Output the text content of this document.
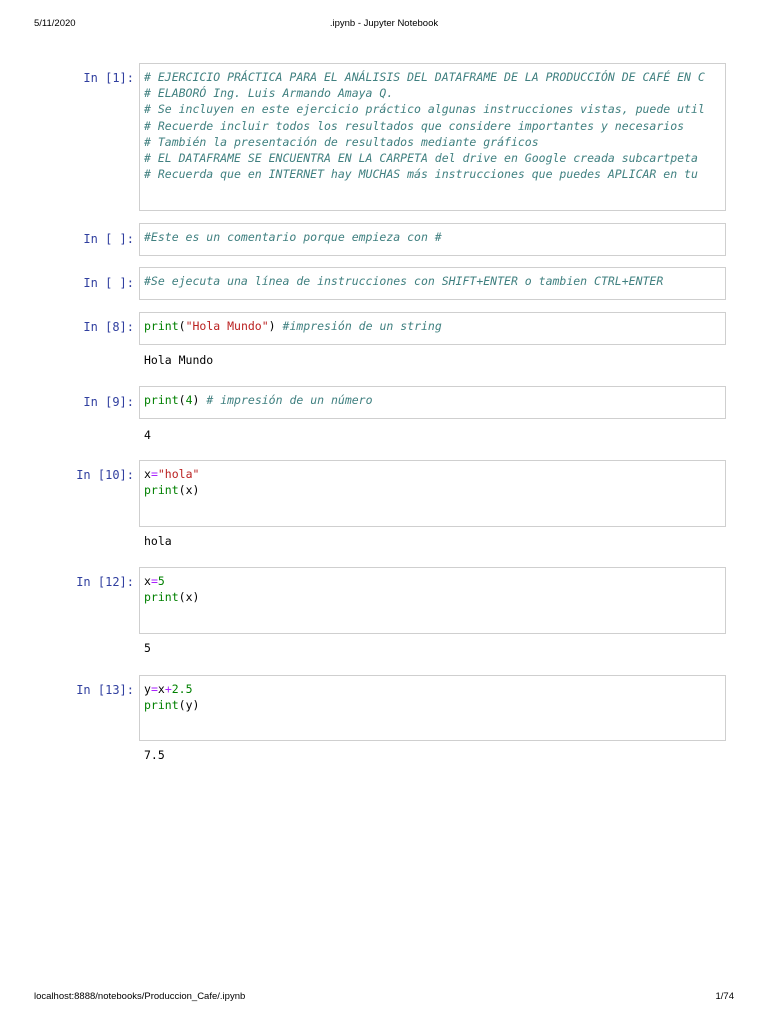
5/11/2020	.ipynb - Jupyter Notebook
In [1]: # EJERCICIO PRÁCTICA PARA EL ANÁLISIS DEL DATAFRAME DE LA PRODUCCIÓN DE CAFÉ EN C
# ELABORÓ Ing. Luis Armando Amaya Q.
# Se incluyen en este ejercicio práctico algunas instrucciones vistas, puede util
# Recuerde incluir todos los resultados que considere importantes y necesarios
# También la presentación de resultados mediante gráficos
# EL DATAFRAME SE ENCUENTRA EN LA CARPETA del drive en Google creada subcartpeta
# Recuerda que en INTERNET hay MUCHAS más instrucciones que puedes APLICAR en tu
In [ ]: #Este es un comentario porque empieza con #
In [ ]: #Se ejecuta una línea de instrucciones con SHIFT+ENTER o tambien CTRL+ENTER
In [8]: print("Hola Mundo") #impresión de un string
Hola Mundo
In [9]: print(4) # impresión de un número
4
In [10]: x="hola"
print(x)
hola
In [12]: x=5
print(x)
5
In [13]: y=x+2.5
print(y)
7.5
localhost:8888/notebooks/Produccion_Cafe/.ipynb	1/74
